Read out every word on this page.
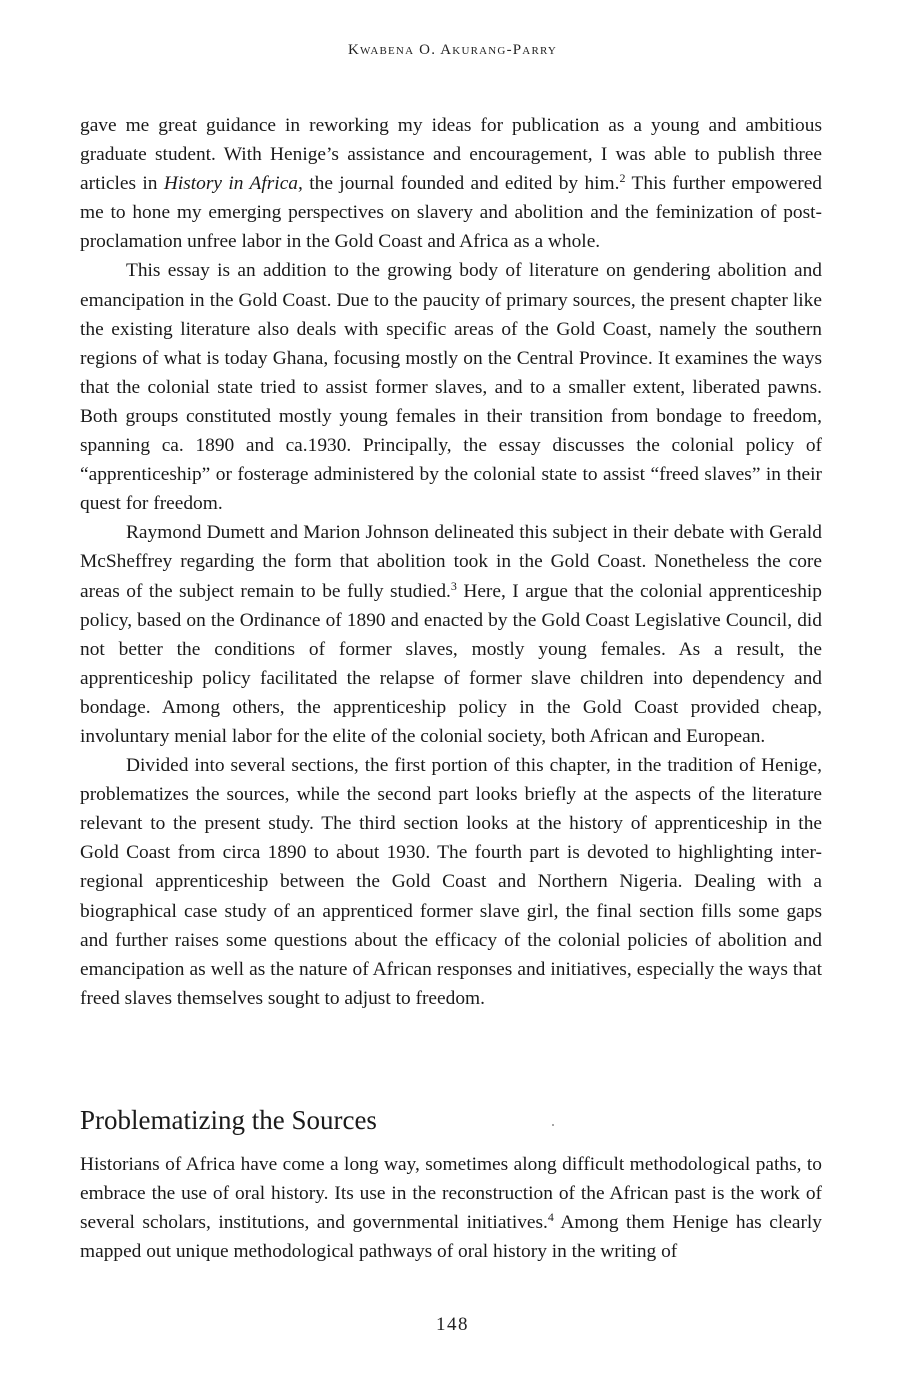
Kwabena O. Akurang-Parry

gave me great guidance in reworking my ideas for publication as a young and ambitious graduate student. With Henige’s assistance and encouragement, I was able to publish three articles in History in Africa, the journal founded and edited by him.$^2$ This further empowered me to hone my emerging perspectives on slavery and abolition and the feminization of post-proclamation unfree labor in the Gold Coast and Africa as a whole.

This essay is an addition to the growing body of literature on gendering abolition and emancipation in the Gold Coast. Due to the paucity of primary sources, the present chapter like the existing literature also deals with specific areas of the Gold Coast, namely the southern regions of what is today Ghana, focusing mostly on the Central Province. It examines the ways that the colonial state tried to assist former slaves, and to a smaller extent, liberated pawns. Both groups constituted mostly young females in their transition from bondage to freedom, spanning ca. 1890 and ca.1930. Principally, the essay discusses the colonial policy of “apprenticeship” or fosterage administered by the colonial state to assist “freed slaves” in their quest for freedom.

Raymond Dumett and Marion Johnson delineated this subject in their debate with Gerald McSheffrey regarding the form that abolition took in the Gold Coast. Nonetheless the core areas of the subject remain to be fully studied.$^3$ Here, I argue that the colonial apprenticeship policy, based on the Ordinance of 1890 and enacted by the Gold Coast Legislative Council, did not better the conditions of former slaves, mostly young females. As a result, the apprenticeship policy facilitated the relapse of former slave children into dependency and bondage. Among others, the apprenticeship policy in the Gold Coast provided cheap, involuntary menial labor for the elite of the colonial society, both African and European.

Divided into several sections, the first portion of this chapter, in the tradition of Henige, problematizes the sources, while the second part looks briefly at the aspects of the literature relevant to the present study. The third section looks at the history of apprenticeship in the Gold Coast from circa 1890 to about 1930. The fourth part is devoted to highlighting inter-regional apprenticeship between the Gold Coast and Northern Nigeria. Dealing with a biographical case study of an apprenticed former slave girl, the final section fills some gaps and further raises some questions about the efficacy of the colonial policies of abolition and emancipation as well as the nature of African responses and initiatives, especially the ways that freed slaves themselves sought to adjust to freedom.

Problematizing the Sources

Historians of Africa have come a long way, sometimes along difficult methodological paths, to embrace the use of oral history. Its use in the reconstruction of the African past is the work of several scholars, institutions, and governmental initiatives.$^4$ Among them Henige has clearly mapped out unique methodological pathways of oral history in the writing of

148
